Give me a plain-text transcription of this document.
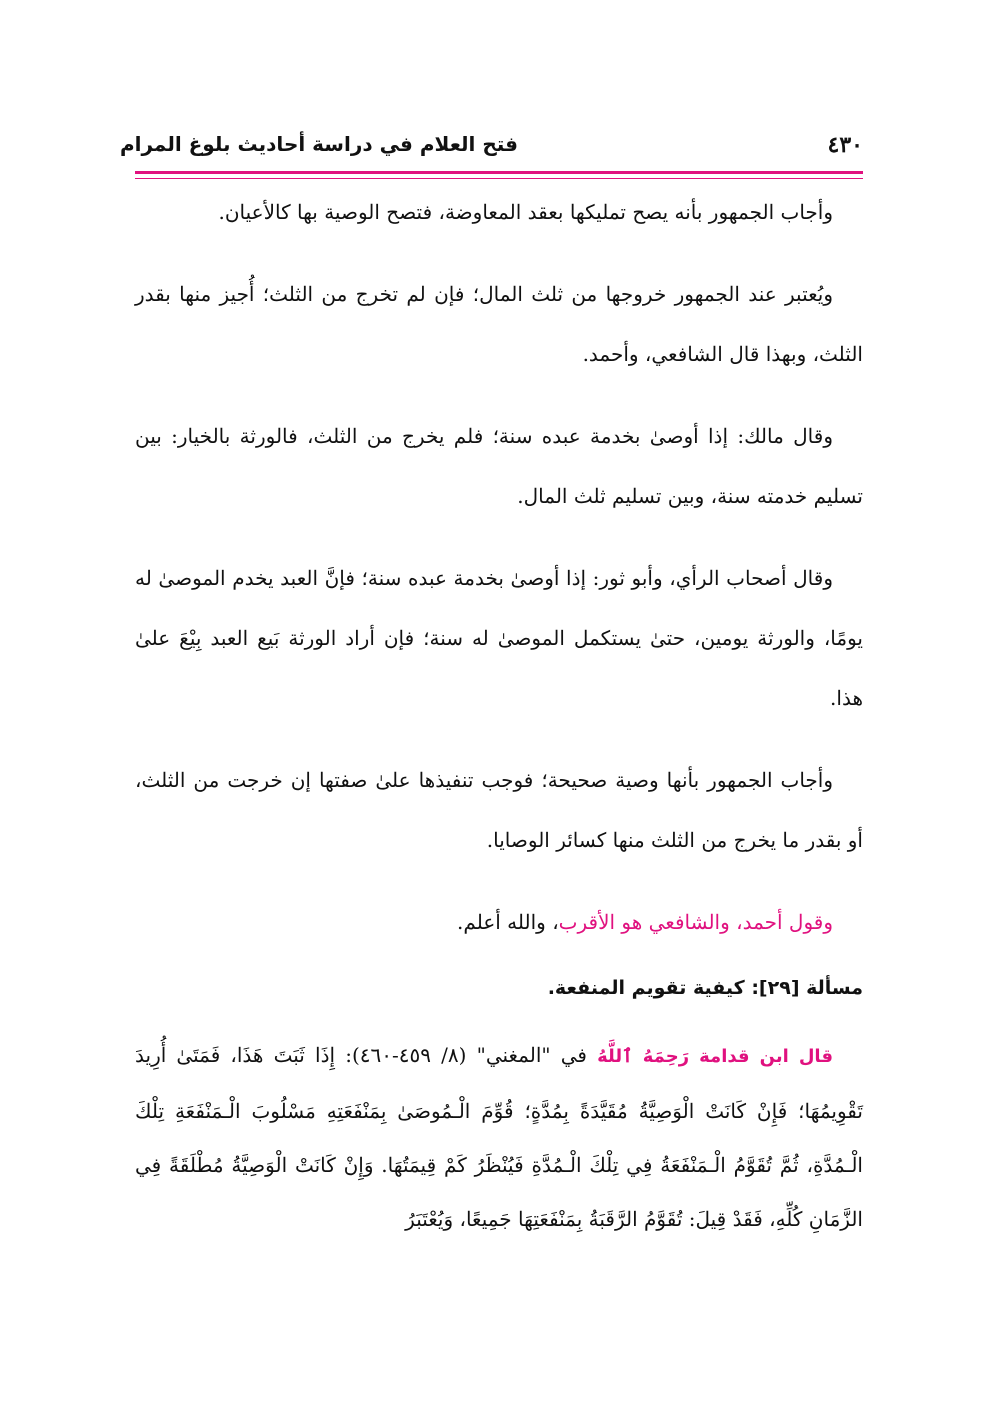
٤٣٠
فتح العلام في دراسة أحاديث بلوغ المرام

وأجاب الجمهور بأنه يصح تمليكها بعقد المعاوضة، فتصح الوصية بها كالأعيان.

ويُعتبر عند الجمهور خروجها من ثلث المال؛ فإن لم تخرج من الثلث؛ أُجيز منها بقدر الثلث، وبهذا قال الشافعي، وأحمد.

وقال مالك: إذا أوصىٰ بخدمة عبده سنة؛ فلم يخرج من الثلث، فالورثة بالخيار: بين تسليم خدمته سنة، وبين تسليم ثلث المال.

وقال أصحاب الرأي، وأبو ثور: إذا أوصىٰ بخدمة عبده سنة؛ فإنَّ العبد يخدم الموصىٰ له يومًا، والورثة يومين، حتىٰ يستكمل الموصىٰ له سنة؛ فإن أراد الورثة بَيع العبد بِيْعَ علىٰ هذا.

وأجاب الجمهور بأنها وصية صحيحة؛ فوجب تنفيذها علىٰ صفتها إن خرجت من الثلث، أو بقدر ما يخرج من الثلث منها كسائر الوصايا.

وقول أحمد، والشافعي هو الأقرب، والله أعلم.

مسألة [٢٩]: كيفية تقويم المنفعة.

قال ابن قدامة رَحِمَهُ ٱللَّهُ في "المغني" (٨/ ٤٥٩-٤٦٠): إِذَا ثَبَتَ هَذَا، فَمَتَىٰ أُرِيدَ تَقْوِيمُهَا؛ فَإِنْ كَانَتْ الْوَصِيَّةُ مُقَيَّدَةً بِمُدَّةٍ؛ قُوِّمَ الْـمُوصَىٰ بِمَنْفَعَتِهِ مَسْلُوبَ الْـمَنْفَعَةِ تِلْكَ الْـمُدَّةِ، ثُمَّ تُقَوَّمُ الْـمَنْفَعَةُ فِي تِلْكَ الْـمُدَّةِ فَيُنْظَرُ كَمْ قِيمَتُهَا. وَإِنْ كَانَتْ الْوَصِيَّةُ مُطْلَقَةً فِي الزَّمَانِ كُلِّهِ، فَقَدْ قِيلَ: تُقَوَّمُ الرَّقَبَةُ بِمَنْفَعَتِهَا جَمِيعًا، وَيُعْتَبَرُ
